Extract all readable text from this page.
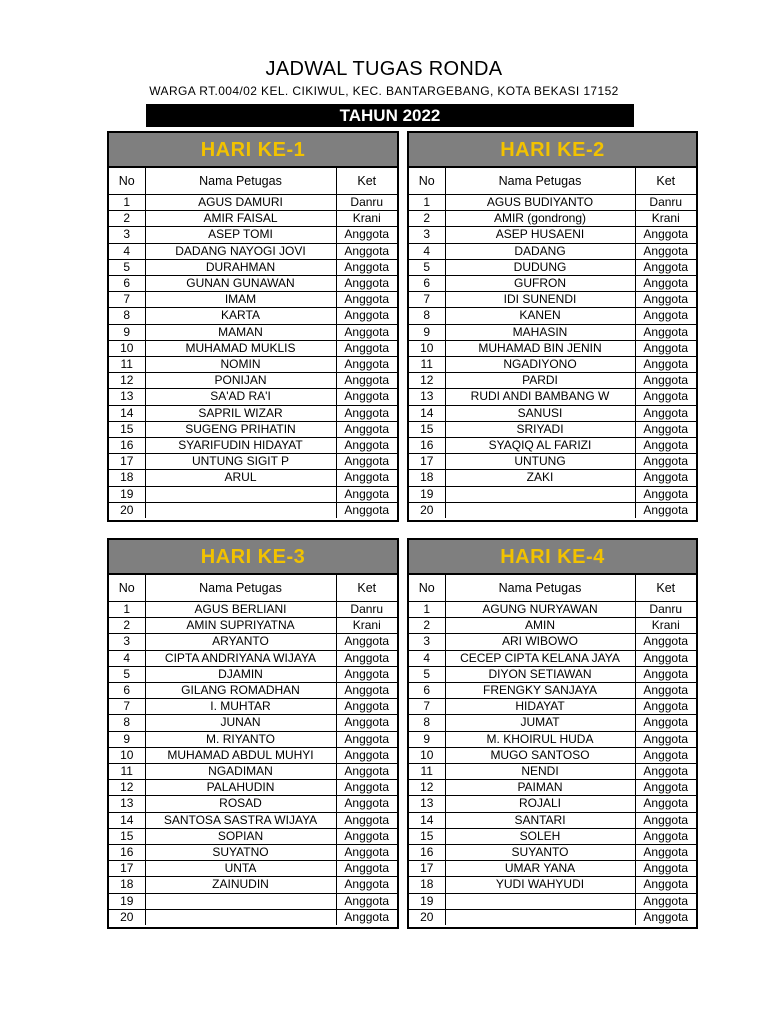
JADWAL TUGAS RONDA
WARGA RT.004/02 KEL. CIKIWUL, KEC. BANTARGEBANG, KOTA BEKASI 17152
TAHUN 2022
HARI KE-1
No	Nama Petugas	Ket
1	AGUS DAMURI	Danru
2	AMIR FAISAL	Krani
3	ASEP TOMI	Anggota
4	DADANG NAYOGI JOVI	Anggota
5	DURAHMAN	Anggota
6	GUNAN GUNAWAN	Anggota
7	IMAM	Anggota
8	KARTA	Anggota
9	MAMAN	Anggota
10	MUHAMAD MUKLIS	Anggota
11	NOMIN	Anggota
12	PONIJAN	Anggota
13	SA'AD RA'I	Anggota
14	SAPRIL WIZAR	Anggota
15	SUGENG PRIHATIN	Anggota
16	SYARIFUDIN HIDAYAT	Anggota
17	UNTUNG SIGIT P	Anggota
18	ARUL	Anggota
19		Anggota
20		Anggota
HARI KE-2
No	Nama Petugas	Ket
1	AGUS BUDIYANTO	Danru
2	AMIR (gondrong)	Krani
3	ASEP HUSAENI	Anggota
4	DADANG	Anggota
5	DUDUNG	Anggota
6	GUFRON	Anggota
7	IDI SUNENDI	Anggota
8	KANEN	Anggota
9	MAHASIN	Anggota
10	MUHAMAD BIN JENIN	Anggota
11	NGADIYONO	Anggota
12	PARDI	Anggota
13	RUDI ANDI BAMBANG W	Anggota
14	SANUSI	Anggota
15	SRIYADI	Anggota
16	SYAQIQ AL FARIZI	Anggota
17	UNTUNG	Anggota
18	ZAKI	Anggota
19		Anggota
20		Anggota
HARI KE-3
No	Nama Petugas	Ket
1	AGUS BERLIANI	Danru
2	AMIN SUPRIYATNA	Krani
3	ARYANTO	Anggota
4	CIPTA ANDRIYANA WIJAYA	Anggota
5	DJAMIN	Anggota
6	GILANG ROMADHAN	Anggota
7	I. MUHTAR	Anggota
8	JUNAN	Anggota
9	M. RIYANTO	Anggota
10	MUHAMAD ABDUL MUHYI	Anggota
11	NGADIMAN	Anggota
12	PALAHUDIN	Anggota
13	ROSAD	Anggota
14	SANTOSA SASTRA WIJAYA	Anggota
15	SOPIAN	Anggota
16	SUYATNO	Anggota
17	UNTA	Anggota
18	ZAINUDIN	Anggota
19		Anggota
20		Anggota
HARI KE-4
No	Nama Petugas	Ket
1	AGUNG NURYAWAN	Danru
2	AMIN	Krani
3	ARI WIBOWO	Anggota
4	CECEP CIPTA KELANA JAYA	Anggota
5	DIYON SETIAWAN	Anggota
6	FRENGKY SANJAYA	Anggota
7	HIDAYAT	Anggota
8	JUMAT	Anggota
9	M. KHOIRUL HUDA	Anggota
10	MUGO SANTOSO	Anggota
11	NENDI	Anggota
12	PAIMAN	Anggota
13	ROJALI	Anggota
14	SANTARI	Anggota
15	SOLEH	Anggota
16	SUYANTO	Anggota
17	UMAR YANA	Anggota
18	YUDI WAHYUDI	Anggota
19		Anggota
20		Anggota
